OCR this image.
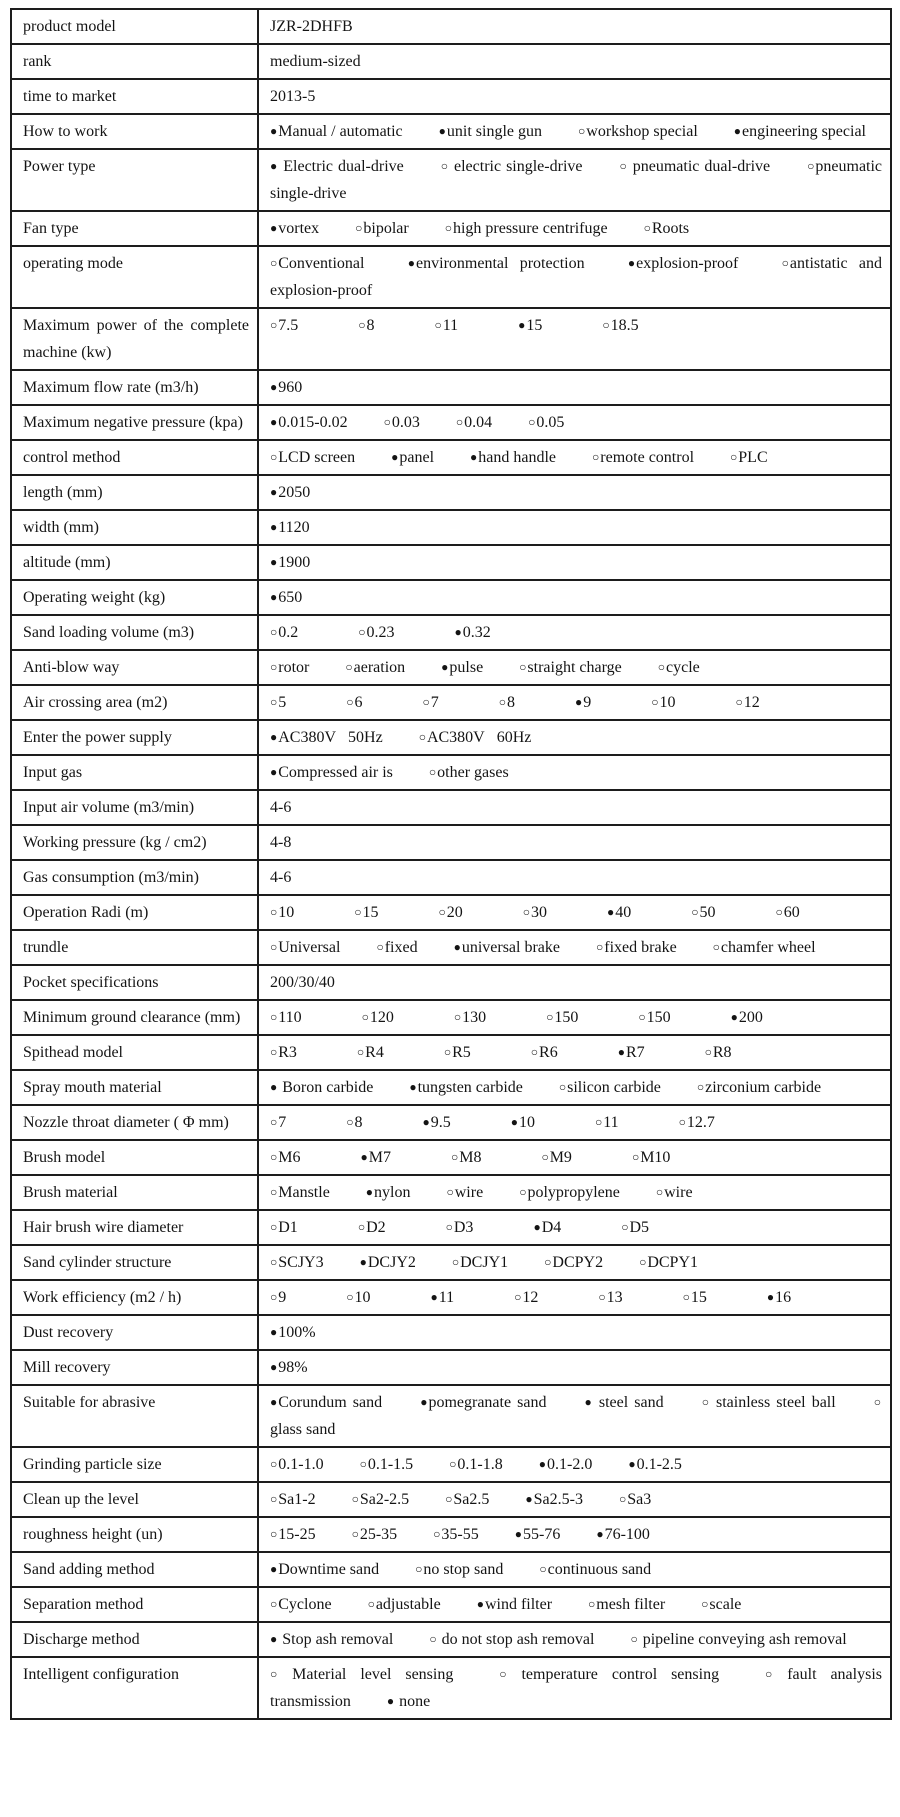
product model	JZR-2DHFB
rank	medium-sized
time to market	2013-5
How to work	●Manual / automatic ●unit single gun ○workshop special ●engineering special
Power type	● Electric dual-drive ○ electric single-drive ○ pneumatic dual-drive ○pneumatic single-drive
Fan type	●vortex ○bipolar ○high pressure centrifuge ○Roots
operating mode	○Conventional ●environmental protection ●explosion-proof ○antistatic and explosion-proof
Maximum power of the complete machine (kw)	○7.5 ○8 ○11 ●15 ○18.5
Maximum flow rate (m3/h)	●960
Maximum negative pressure (kpa)	●0.015-0.02 ○0.03 ○0.04 ○0.05
control method	○LCD screen ●panel ●hand handle ○remote control ○PLC
length (mm)	●2050
width (mm)	●1120
altitude (mm)	●1900
Operating weight (kg)	●650
Sand loading volume (m3)	○0.2 ○0.23 ●0.32
Anti-blow way	○rotor ○aeration ●pulse ○straight charge ○cycle
Air crossing area (m2)	○5 ○6 ○7 ○8 ●9 ○10 ○12
Enter the power supply	●AC380V   50Hz ○AC380V   60Hz
Input gas	●Compressed air is ○other gases
Input air volume (m3/min)	4-6
Working pressure (kg / cm2)	4-8
Gas consumption (m3/min)	4-6
Operation Radi (m)	○10 ○15 ○20 ○30 ●40 ○50 ○60
trundle	○Universal ○fixed ●universal brake ○fixed brake ○chamfer wheel
Pocket specifications	200/30/40
Minimum ground clearance (mm)	○110 ○120 ○130 ○150 ○150 ●200
Spithead model	○R3 ○R4 ○R5 ○R6 ●R7 ○R8
Spray mouth material	● Boron carbide ●tungsten carbide ○silicon carbide ○zirconium carbide
Nozzle throat diameter ( Φ mm)	○7 ○8 ●9.5 ●10 ○11 ○12.7
Brush model	○M6 ●M7 ○M8 ○M9 ○M10
Brush material	○Manstle ●nylon ○wire ○polypropylene ○wire
Hair brush wire diameter	○D1 ○D2 ○D3 ●D4 ○D5
Sand cylinder structure	○SCJY3 ●DCJY2 ○DCJY1 ○DCPY2 ○DCPY1
Work efficiency (m2 / h)	○9 ○10 ●11 ○12 ○13 ○15 ●16
Dust recovery	●100%
Mill recovery	●98%
Suitable for abrasive	●Corundum sand ●pomegranate sand ● steel sand ○ stainless steel ball ○glass sand
Grinding particle size	○0.1-1.0 ○0.1-1.5 ○0.1-1.8 ●0.1-2.0 ●0.1-2.5
Clean up the level	○Sa1-2 ○Sa2-2.5 ○Sa2.5 ●Sa2.5-3 ○Sa3
roughness height (un)	○15-25 ○25-35 ○35-55 ●55-76 ●76-100
Sand adding method	●Downtime sand ○no stop sand ○continuous sand
Separation method	○Cyclone ○adjustable ●wind filter ○mesh filter ○scale
Discharge method	● Stop ash removal ○ do not stop ash removal ○ pipeline conveying ash removal
Intelligent configuration	○ Material level sensing ○ temperature control sensing ○ fault analysis transmission ● none
